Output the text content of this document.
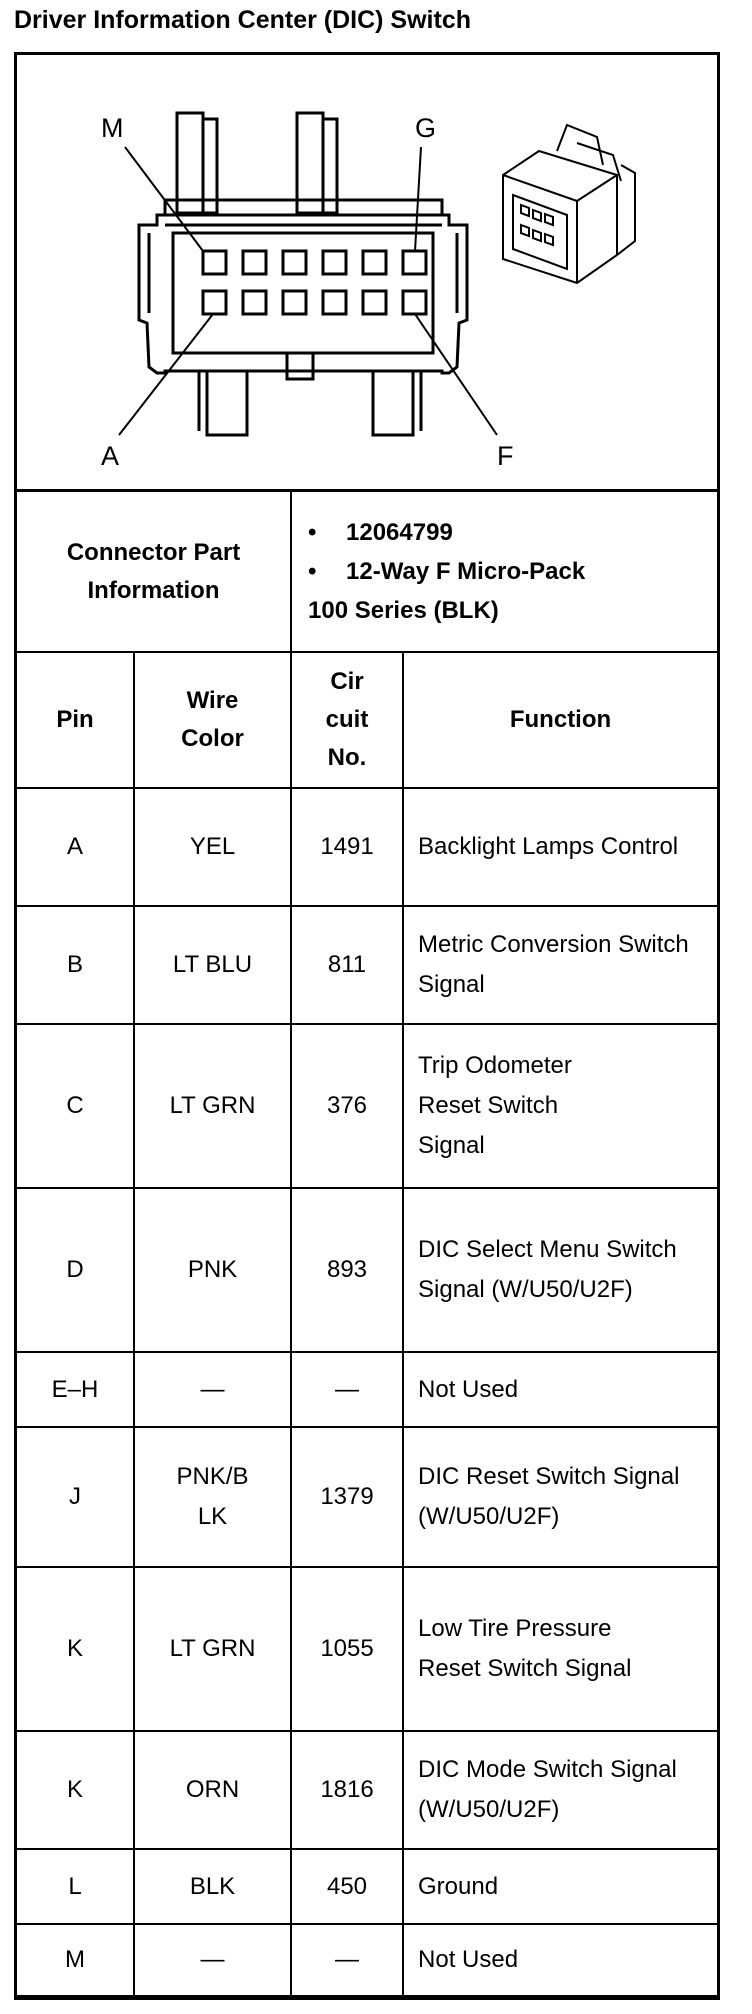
Driver Information Center (DIC) Switch
M	G
A	F
Connector Part Information		• 12064799
• 12-Way F Micro-Pack
100 Series (BLK)	

Pin	Wire Color	Cir cuit No.	Function
A	YEL	1491	Backlight Lamps Control
B	LT BLU	811	Metric Conversion Switch Signal
C	LT GRN	376	Trip Odometer Reset Switch Signal
D	PNK	893	DIC Select Menu Switch Signal (W/U50/U2F)
E–H	—	—	Not Used
J	PNK/B LK	1379	DIC Reset Switch Signal (W/U50/U2F)
K	LT GRN	1055	Low Tire Pressure Reset Switch Signal
K	ORN	1816	DIC Mode Switch Signal (W/U50/U2F)
L	BLK	450	Ground
M	—	—	Not Used
